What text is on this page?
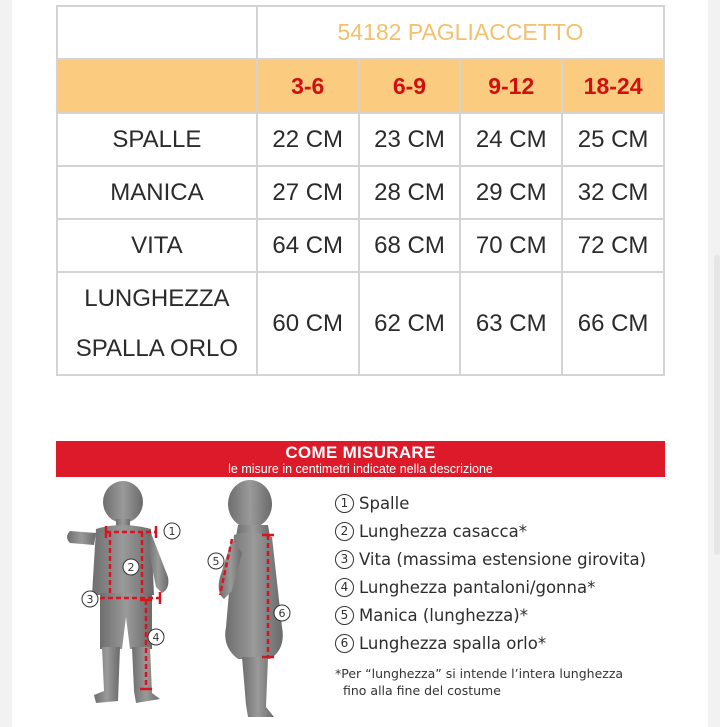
	54182 PAGLIACCETTO			
	3-6	6-9	9-12	18-24
SPALLE	22 CM	23 CM	24 CM	25 CM
MANICA	27 CM	28 CM	29 CM	32 CM
VITA	64 CM	68 CM	70 CM	72 CM
LUNGHEZZA
SPALLA ORLO	60 CM	62 CM	63 CM	66 CM
COME MISURARE
le misure in centimetri indicate nella descrizione
1
2
3
4
5
6
1 Spalle
2 Lunghezza casacca*
3 Vita (massima estensione girovita)
4 Lunghezza pantaloni/gonna*
5 Manica (lunghezza)*
6 Lunghezza spalla orlo*
*Per “lunghezza” si intende l’intera lunghezza
fino alla fine del costume
